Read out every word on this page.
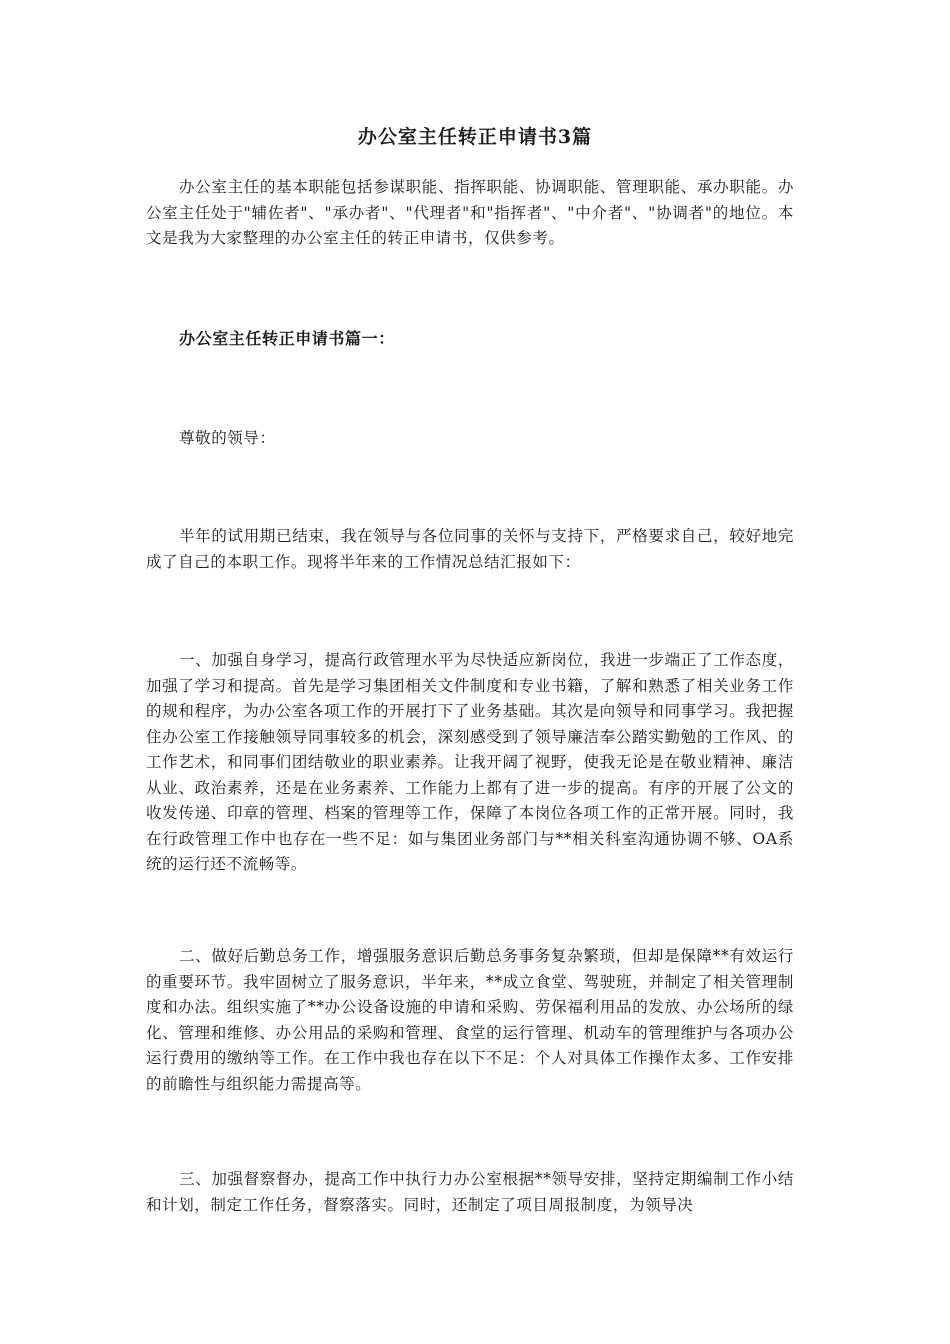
办公室主任转正申请书3篇

办公室主任的基本职能包括参谋职能、指挥职能、协调职能、管理职能、承办职能。办公室主任处于"辅佐者"、"承办者"、"代理者"和"指挥者"、"中介者"、"协调者"的地位。本文是我为大家整理的办公室主任的转正申请书，仅供参考。

办公室主任转正申请书篇一：

尊敬的领导：

半年的试用期已结束，我在领导与各位同事的关怀与支持下，严格要求自己，较好地完成了自己的本职工作。现将半年来的工作情况总结汇报如下：

一、加强自身学习，提高行政管理水平为尽快适应新岗位，我进一步端正了工作态度，加强了学习和提高。首先是学习集团相关文件制度和专业书籍，了解和熟悉了相关业务工作的规和程序，为办公室各项工作的开展打下了业务基础。其次是向领导和同事学习。我把握住办公室工作接触领导同事较多的机会，深刻感受到了领导廉洁奉公踏实勤勉的工作风、的工作艺术，和同事们团结敬业的职业素养。让我开阔了视野，使我无论是在敬业精神、廉洁从业、政治素养，还是在业务素养、工作能力上都有了进一步的提高。有序的开展了公文的收发传递、印章的管理、档案的管理等工作，保障了本岗位各项工作的正常开展。同时，我在行政管理工作中也存在一些不足：如与集团业务部门与**相关科室沟通协调不够、OA系统的运行还不流畅等。

二、做好后勤总务工作，增强服务意识后勤总务事务复杂繁琐，但却是保障**有效运行的重要环节。我牢固树立了服务意识，半年来，**成立食堂、驾驶班，并制定了相关管理制度和办法。组织实施了**办公设备设施的申请和采购、劳保福利用品的发放、办公场所的绿化、管理和维修、办公用品的采购和管理、食堂的运行管理、机动车的管理维护与各项办公运行费用的缴纳等工作。在工作中我也存在以下不足：个人对具体工作操作太多、工作安排的前瞻性与组织能力需提高等。

三、加强督察督办，提高工作中执行力办公室根据**领导安排，坚持定期编制工作小结和计划，制定工作任务，督察落实。同时，还制定了项目周报制度，为领导决
